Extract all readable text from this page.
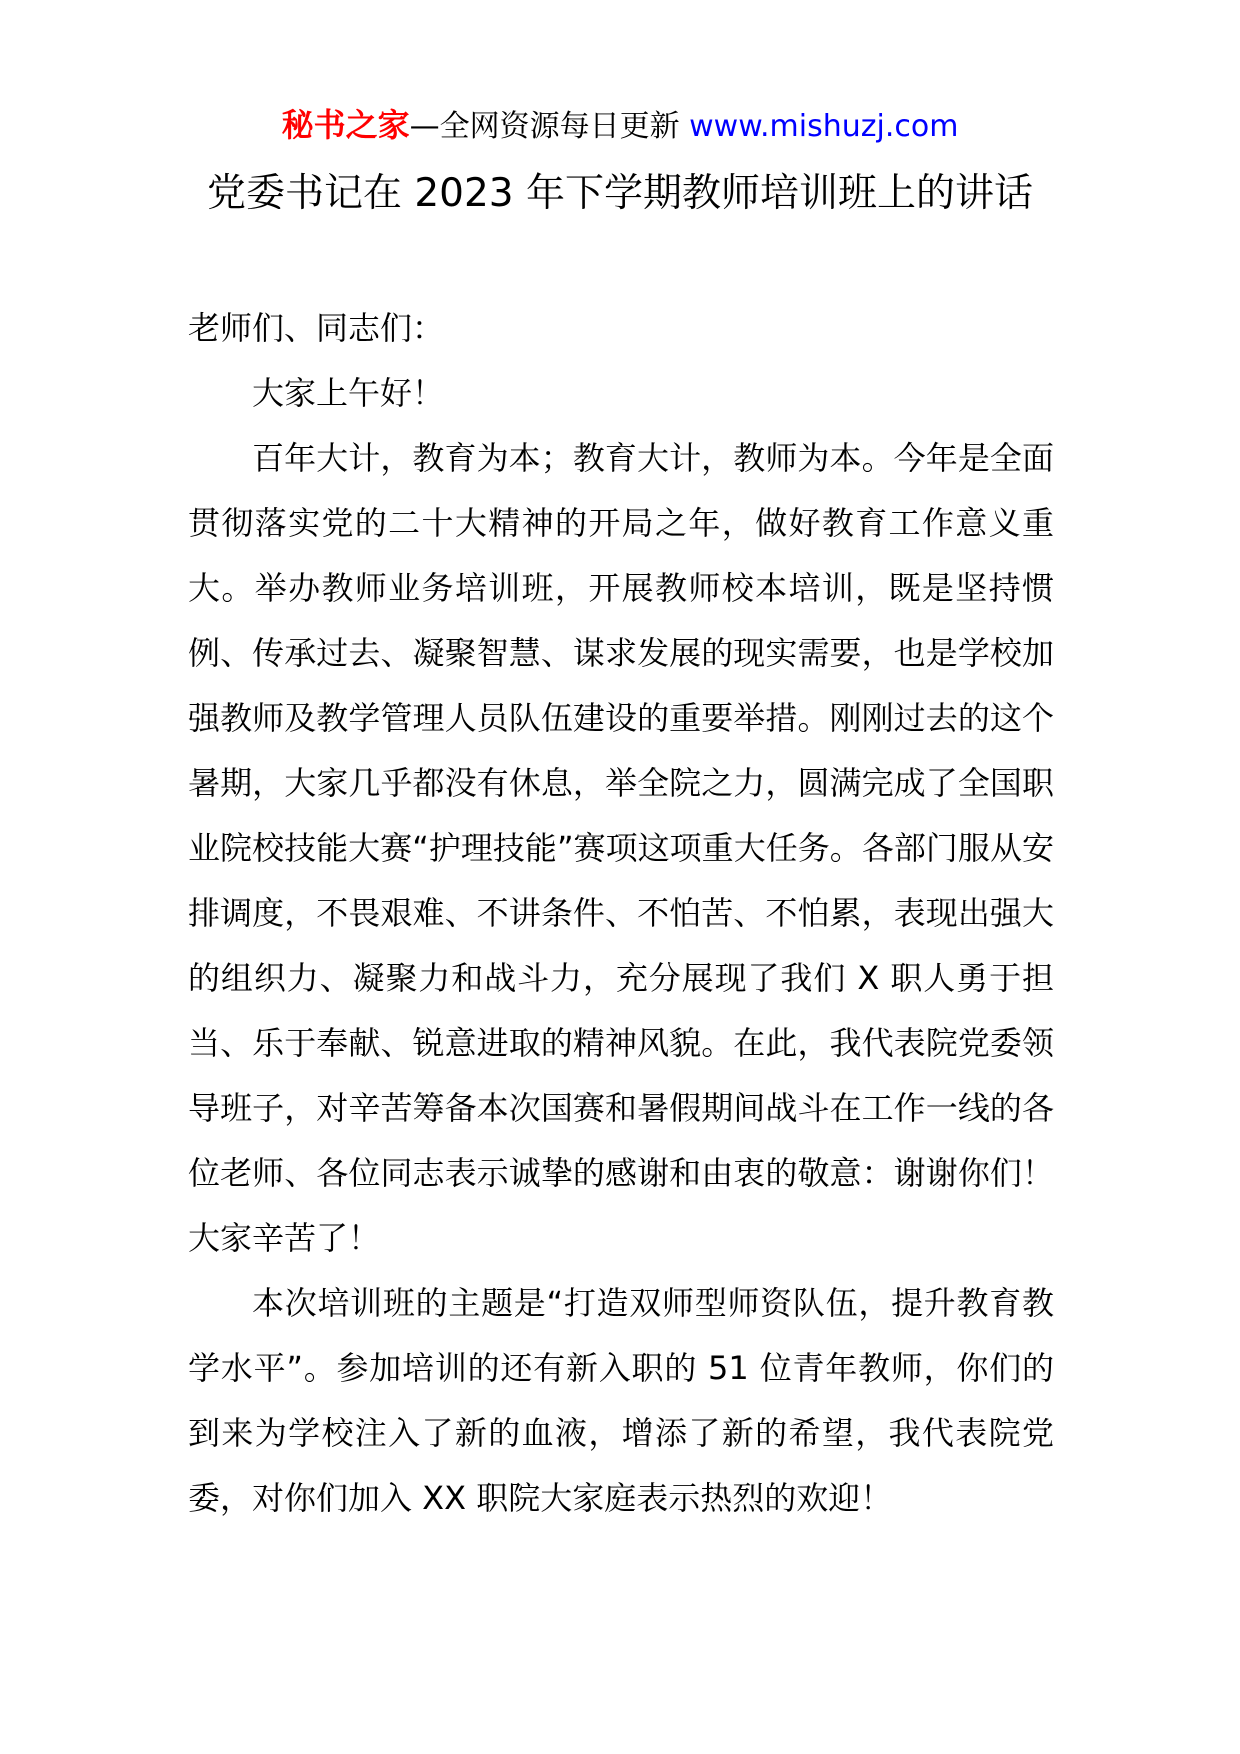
秘书之家—全网资源每日更新 www.mishuzj.com
党委书记在 2023 年下学期教师培训班上的讲话

老师们、同志们：

大家上午好！

百年大计，教育为本；教育大计，教师为本。今年是全面贯彻落实党的二十大精神的开局之年，做好教育工作意义重大。举办教师业务培训班，开展教师校本培训，既是坚持惯例、传承过去、凝聚智慧、谋求发展的现实需要，也是学校加强教师及教学管理人员队伍建设的重要举措。刚刚过去的这个暑期，大家几乎都没有休息，举全院之力，圆满完成了全国职业院校技能大赛“护理技能”赛项这项重大任务。各部门服从安排调度，不畏艰难、不讲条件、不怕苦、不怕累，表现出强大的组织力、凝聚力和战斗力，充分展现了我们 X 职人勇于担当、乐于奉献、锐意进取的精神风貌。在此，我代表院党委领导班子，对辛苦筹备本次国赛和暑假期间战斗在工作一线的各位老师、各位同志表示诚挚的感谢和由衷的敬意：谢谢你们！大家辛苦了！

本次培训班的主题是“打造双师型师资队伍，提升教育教学水平”。参加培训的还有新入职的 51 位青年教师，你们的到来为学校注入了新的血液，增添了新的希望，我代表院党委，对你们加入 XX 职院大家庭表示热烈的欢迎！
